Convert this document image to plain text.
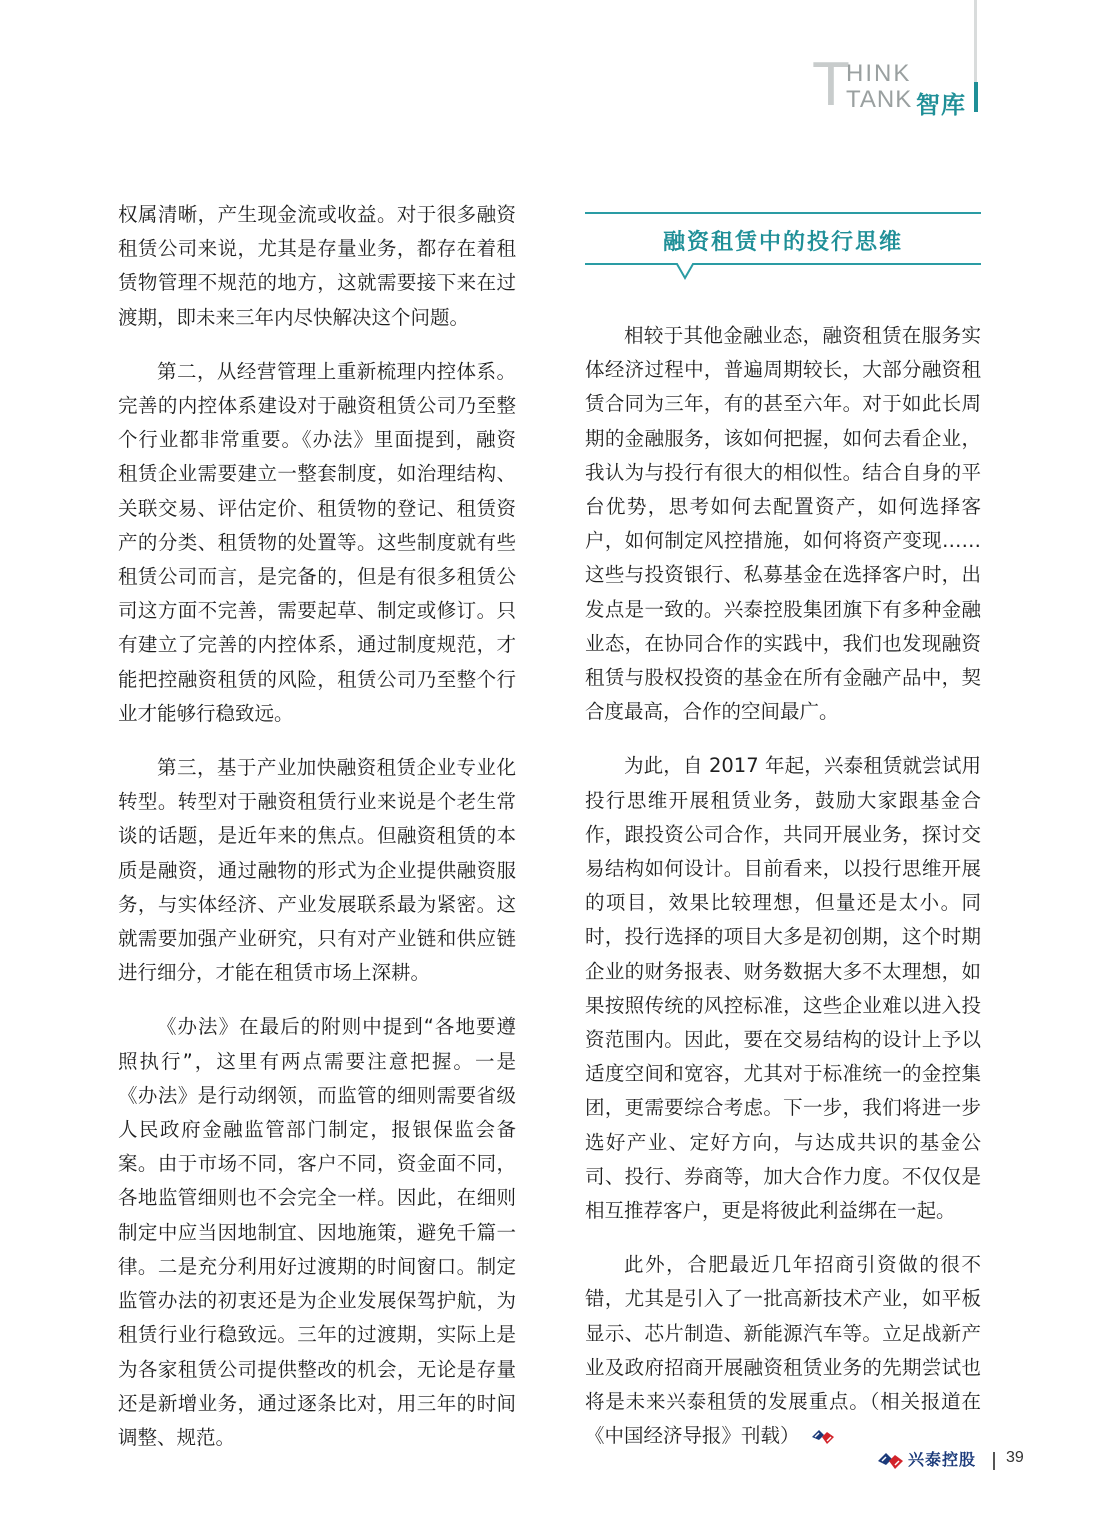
T
HINK
TANK 智库

权属清晰，产生现金流或收益。对于很多融资租赁公司来说，尤其是存量业务，都存在着租赁物管理不规范的地方，这就需要接下来在过渡期，即未来三年内尽快解决这个问题。

第二，从经营管理上重新梳理内控体系。完善的内控体系建设对于融资租赁公司乃至整个行业都非常重要。《办法》里面提到，融资租赁企业需要建立一整套制度，如治理结构、关联交易、评估定价、租赁物的登记、租赁资产的分类、租赁物的处置等。这些制度就有些租赁公司而言，是完备的，但是有很多租赁公司这方面不完善，需要起草、制定或修订。只有建立了完善的内控体系，通过制度规范，才能把控融资租赁的风险，租赁公司乃至整个行业才能够行稳致远。

第三，基于产业加快融资租赁企业专业化转型。转型对于融资租赁行业来说是个老生常谈的话题，是近年来的焦点。但融资租赁的本质是融资，通过融物的形式为企业提供融资服务，与实体经济、产业发展联系最为紧密。这就需要加强产业研究，只有对产业链和供应链进行细分，才能在租赁市场上深耕。

《办法》在最后的附则中提到“各地要遵照执行”，这里有两点需要注意把握。一是《办法》是行动纲领，而监管的细则需要省级人民政府金融监管部门制定，报银保监会备案。由于市场不同，客户不同，资金面不同，各地监管细则也不会完全一样。因此，在细则制定中应当因地制宜、因地施策，避免千篇一律。二是充分利用好过渡期的时间窗口。制定监管办法的初衷还是为企业发展保驾护航，为租赁行业行稳致远。三年的过渡期，实际上是为各家租赁公司提供整改的机会，无论是存量还是新增业务，通过逐条比对，用三年的时间调整、规范。

融资租赁中的投行思维

相较于其他金融业态，融资租赁在服务实体经济过程中，普遍周期较长，大部分融资租赁合同为三年，有的甚至六年。对于如此长周期的金融服务，该如何把握，如何去看企业，我认为与投行有很大的相似性。结合自身的平台优势，思考如何去配置资产，如何选择客户，如何制定风控措施，如何将资产变现……这些与投资银行、私募基金在选择客户时，出发点是一致的。兴泰控股集团旗下有多种金融业态，在协同合作的实践中，我们也发现融资租赁与股权投资的基金在所有金融产品中，契合度最高，合作的空间最广。

为此，自 2017 年起，兴泰租赁就尝试用投行思维开展租赁业务，鼓励大家跟基金合作，跟投资公司合作，共同开展业务，探讨交易结构如何设计。目前看来，以投行思维开展的项目，效果比较理想，但量还是太小。同时，投行选择的项目大多是初创期，这个时期企业的财务报表、财务数据大多不太理想，如果按照传统的风控标准，这些企业难以进入投资范围内。因此，要在交易结构的设计上予以适度空间和宽容，尤其对于标准统一的金控集团，更需要综合考虑。下一步，我们将进一步选好产业、定好方向，与达成共识的基金公司、投行、券商等，加大合作力度。不仅仅是相互推荐客户，更是将彼此利益绑在一起。

此外，合肥最近几年招商引资做的很不错，尤其是引入了一批高新技术产业，如平板显示、芯片制造、新能源汽车等。立足战新产业及政府招商开展融资租赁业务的先期尝试也将是未来兴泰租赁的发展重点。（相关报道在《中国经济导报》刊载）

兴泰控股 39
